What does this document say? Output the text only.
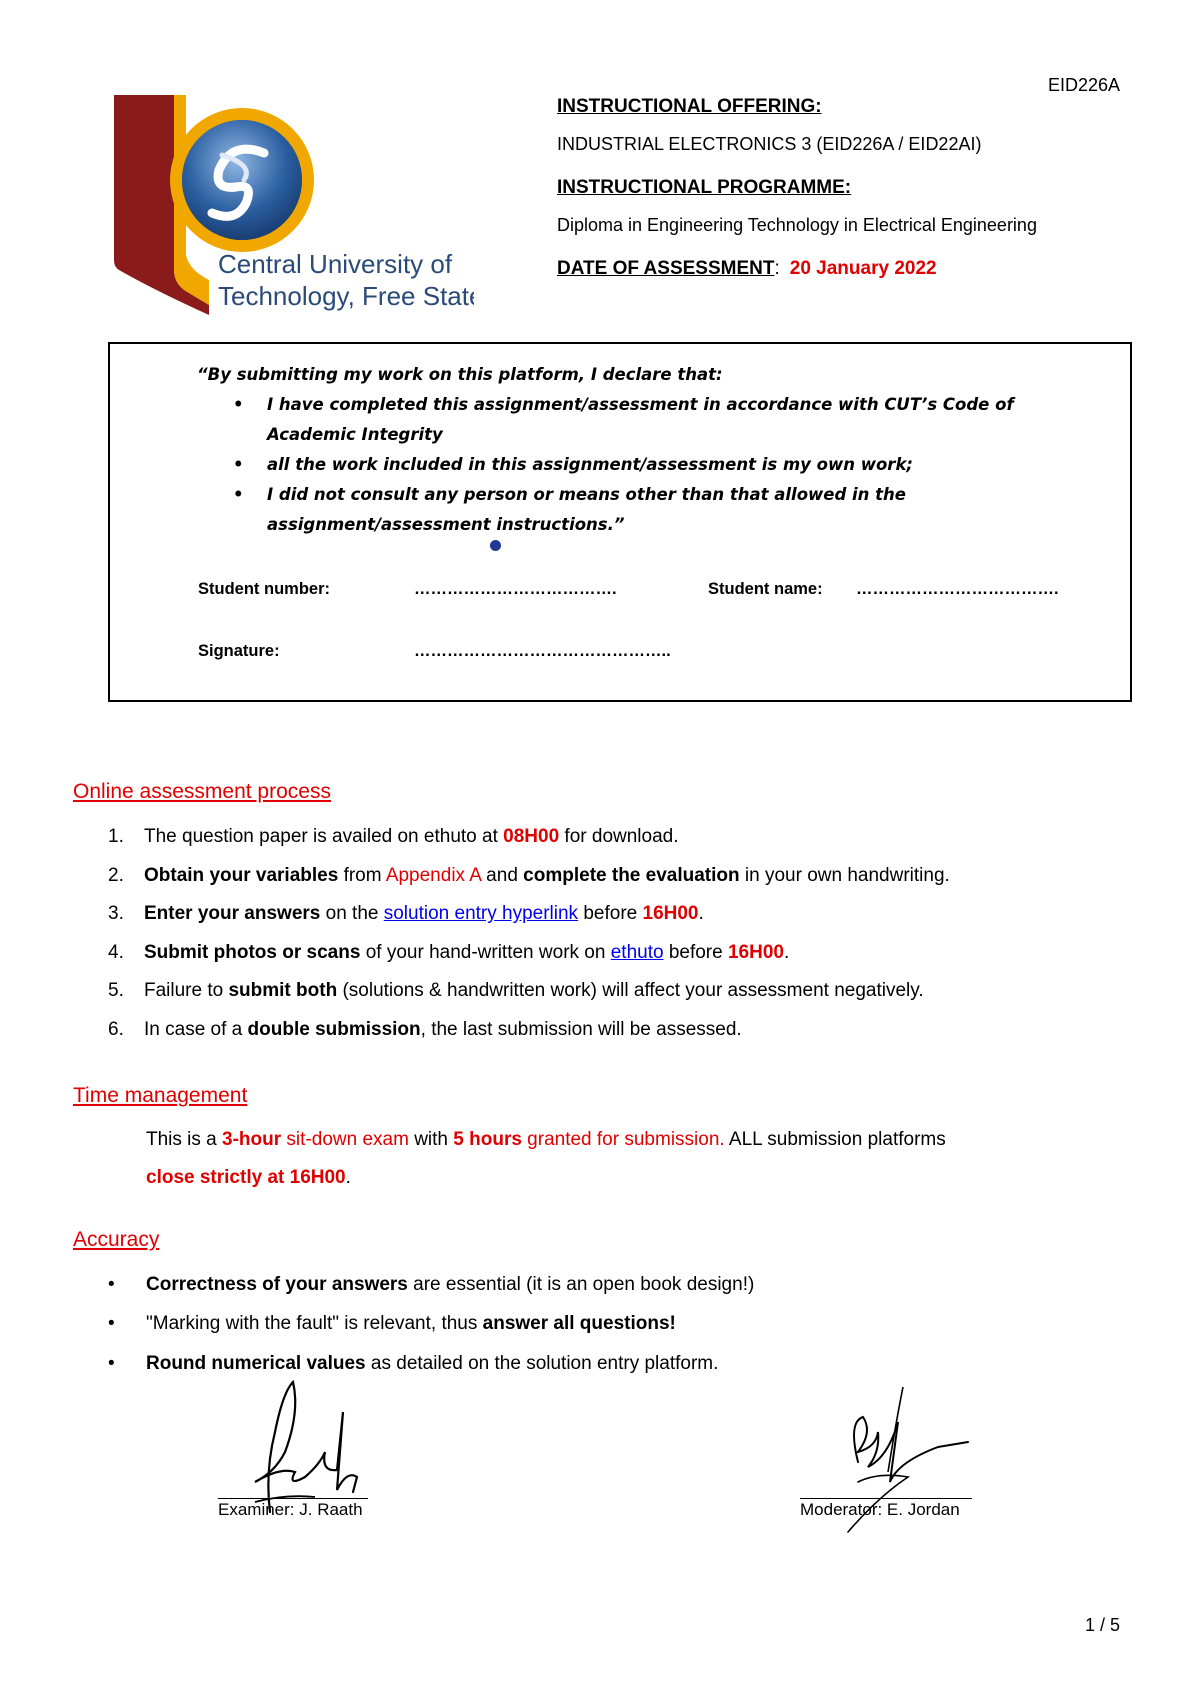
EID226A
Central University of
Technology, Free State
INSTRUCTIONAL OFFERING:
INDUSTRIAL ELECTRONICS 3 (EID226A / EID22AI)
INSTRUCTIONAL PROGRAMME:
Diploma in Engineering Technology in Electrical Engineering
DATE OF ASSESSMENT: 20 January 2022
“By submitting my work on this platform, I declare that:
• I have completed this assignment/assessment in accordance with CUT’s Code of Academic Integrity
• all the work included in this assignment/assessment is my own work;
• I did not consult any person or means other than that allowed in the assignment/assessment instructions.”
Student number:	……………………………….	Student name: ……………………………….
Signature:	………………………………………..
Online assessment process
1.	The question paper is availed on ethuto at 08H00 for download.
2.	Obtain your variables from Appendix A and complete the evaluation in your own handwriting.
3.	Enter your answers on the solution entry hyperlink before 16H00.
4.	Submit photos or scans of your hand-written work on ethuto before 16H00.
5.	Failure to submit both (solutions & handwritten work) will affect your assessment negatively.
6.	In case of a double submission, the last submission will be assessed.
Time management
This is a 3-hour sit-down exam with 5 hours granted for submission. ALL submission platforms
close strictly at 16H00.
Accuracy
•	Correctness of your answers are essential (it is an open book design!)
•	"Marking with the fault" is relevant, thus answer all questions!
•	Round numerical values as detailed on the solution entry platform.
Examiner: J. Raath	Moderator: E. Jordan
1 / 5
